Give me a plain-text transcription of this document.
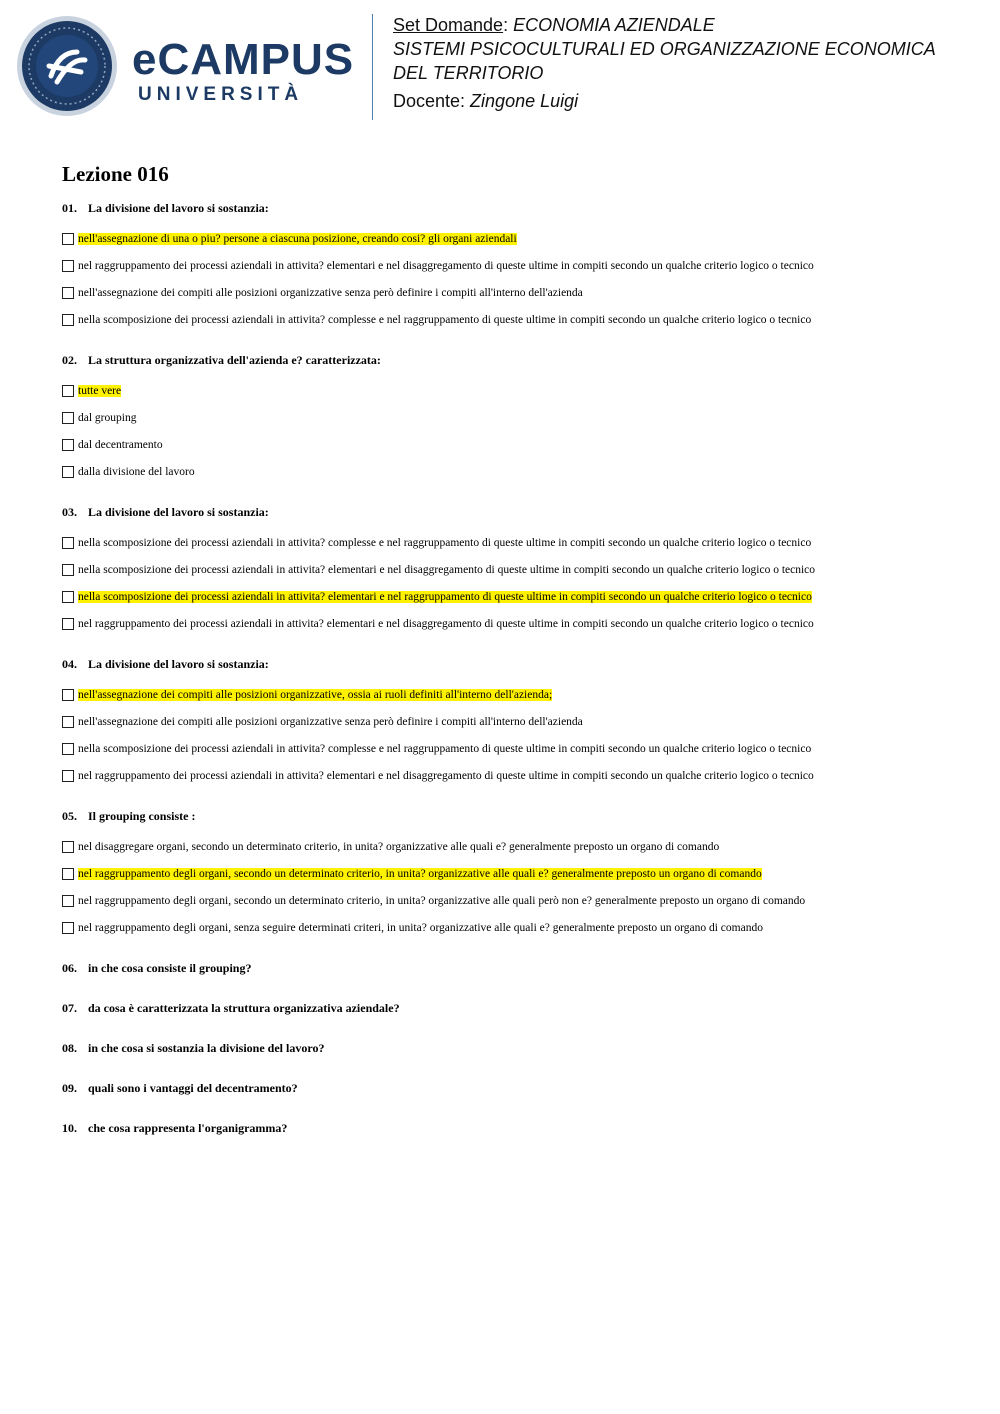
eCAMPUS
UNIVERSITÀ
Set Domande: ECONOMIA AZIENDALE
SISTEMI PSICOCULTURALI ED ORGANIZZAZIONE ECONOMICA
DEL TERRITORIO
Docente: Zingone Luigi
Lezione 016
01. La divisione del lavoro si sostanzia:
nell'assegnazione di una o piu? persone a ciascuna posizione, creando cosi? gli organi aziendali
nel raggruppamento dei processi aziendali in attivita? elementari e nel disaggregamento di queste ultime in compiti secondo un qualche criterio logico o tecnico
nell'assegnazione dei compiti alle posizioni organizzative senza però definire i compiti all'interno dell'azienda
nella scomposizione dei processi aziendali in attivita? complesse e nel raggruppamento di queste ultime in compiti secondo un qualche criterio logico o tecnico
02. La struttura organizzativa dell'azienda e? caratterizzata:
tutte vere
dal grouping
dal decentramento
dalla divisione del lavoro
03. La divisione del lavoro si sostanzia:
nella scomposizione dei processi aziendali in attivita? complesse e nel raggruppamento di queste ultime in compiti secondo un qualche criterio logico o tecnico
nella scomposizione dei processi aziendali in attivita? elementari e nel disaggregamento di queste ultime in compiti secondo un qualche criterio logico o tecnico
nella scomposizione dei processi aziendali in attivita? elementari e nel raggruppamento di queste ultime in compiti secondo un qualche criterio logico o tecnico
nel raggruppamento dei processi aziendali in attivita? elementari e nel disaggregamento di queste ultime in compiti secondo un qualche criterio logico o tecnico
04. La divisione del lavoro si sostanzia:
nell'assegnazione dei compiti alle posizioni organizzative, ossia ai ruoli definiti all'interno dell'azienda;
nell'assegnazione dei compiti alle posizioni organizzative senza però definire i compiti all'interno dell'azienda
nella scomposizione dei processi aziendali in attivita? complesse e nel raggruppamento di queste ultime in compiti secondo un qualche criterio logico o tecnico
nel raggruppamento dei processi aziendali in attivita? elementari e nel disaggregamento di queste ultime in compiti secondo un qualche criterio logico o tecnico
05. Il grouping consiste :
nel disaggregare organi, secondo un determinato criterio, in unita? organizzative alle quali e? generalmente preposto un organo di comando
nel raggruppamento degli organi, secondo un determinato criterio, in unita? organizzative alle quali e? generalmente preposto un organo di comando
nel raggruppamento degli organi, secondo un determinato criterio, in unita? organizzative alle quali però non e? generalmente preposto un organo di comando
nel raggruppamento degli organi, senza seguire determinati criteri, in unita? organizzative alle quali e? generalmente preposto un organo di comando
06. in che cosa consiste il grouping?
07. da cosa è caratterizzata la struttura organizzativa aziendale?
08. in che cosa si sostanzia la divisione del lavoro?
09. quali sono i vantaggi del decentramento?
10. che cosa rappresenta l'organigramma?
